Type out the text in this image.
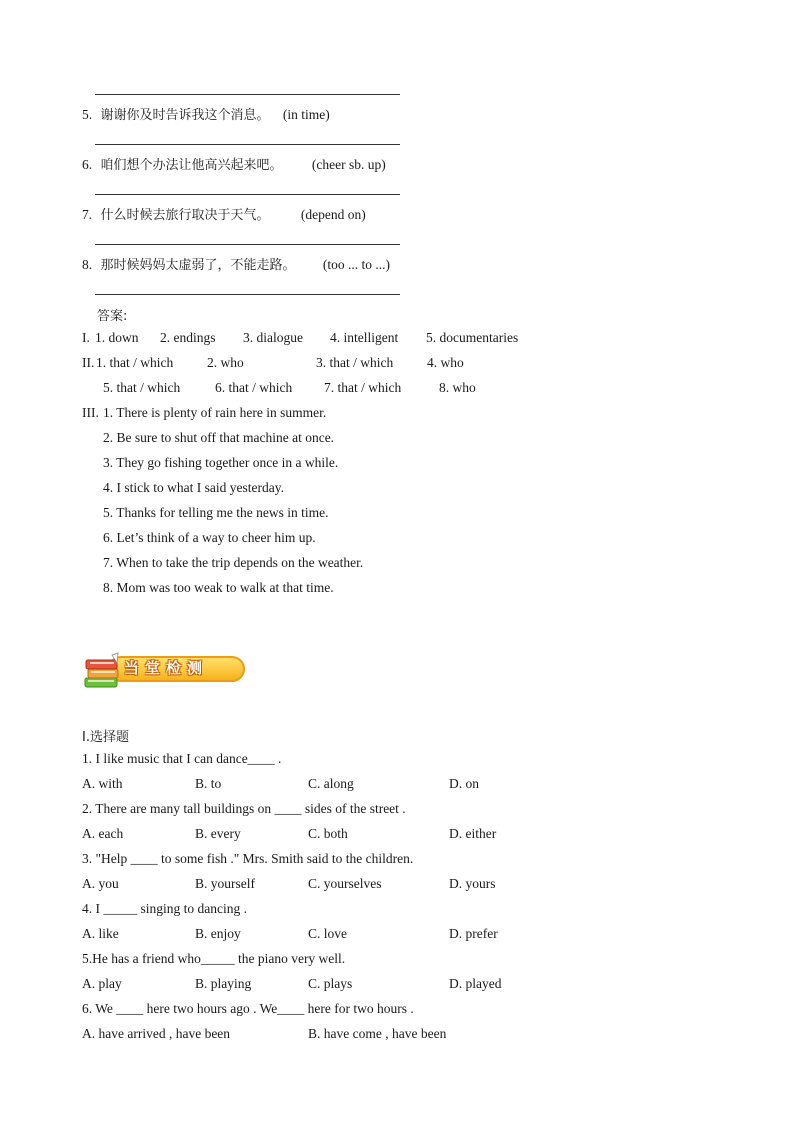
5. 谢谢你及时告诉我这个消息。 (in time)
6. 咱们想个办法让他高兴起来吧。 (cheer sb. up)
7. 什么时候去旅行取决于天气。 (depend on)
8. 那时候妈妈太虚弱了，不能走路。 (too ... to ...)
答案:
I. 1. down 2. endings 3. dialogue 4. intelligent 5. documentaries
II. 1. that / which	2. who	3. that / which	4. who
5. that / which	6. that / which 7. that / which	8. who
III. 1. There is plenty of rain here in summer.
2. Be sure to shut off that machine at once.
3. They go fishing together once in a while.
4. I stick to what I said yesterday.
5. Thanks for telling me the news in time.
6. Let’s think of a way to cheer him up.
7. When to take the trip depends on the weather.
8. Mom was too weak to walk at that time.
当堂检测
I.选择题
1. I like music that I can dance____ .
A. with	B. to	C. along	D. on
2. There are many tall buildings on ____ sides of the street .
A. each	B. every	C. both	D. either
3. "Help ____ to some fish ." Mrs. Smith said to the children.
A. you	B. yourself	C. yourselves	D. yours
4. I _____ singing to dancing .
A. like	B. enjoy	C. love	D. prefer
5.He has a friend who_____ the piano very well.
A. play	B. playing	C. plays	D. played
6. We ____ here two hours ago . We____ here for two hours .
A. have arrived , have been	B. have come , have been
